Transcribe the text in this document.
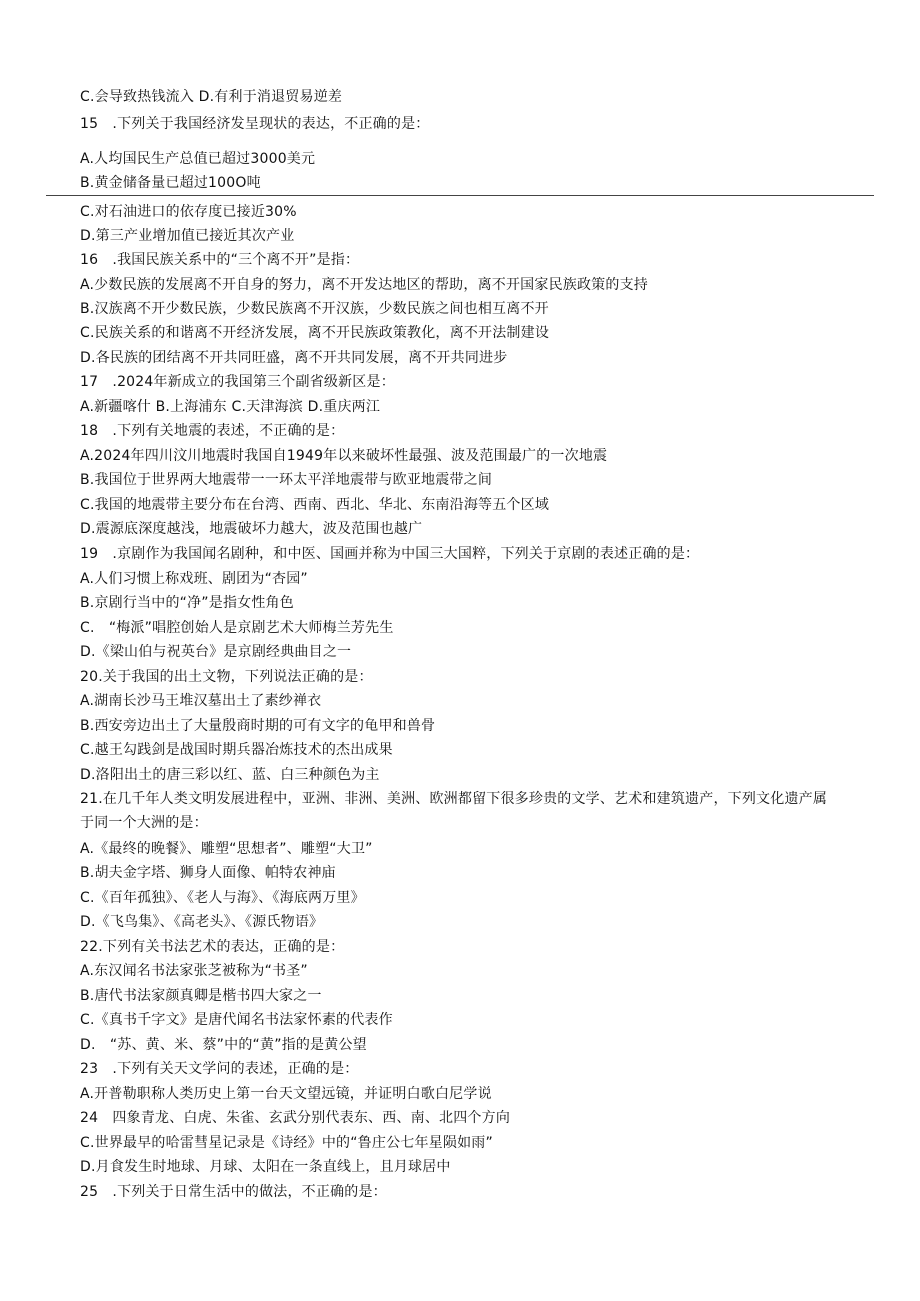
C.会导致热钱流入 D.有利于消退贸易逆差
15　.下列关于我国经济发呈现状的表达，不正确的是：
A.人均国民生产总值已超过3000美元
B.黄金储备量已超过100O吨
C.对石油进口的依存度已接近30%
D.第三产业增加值已接近其次产业
16　.我国民族关系中的“三个离不开”是指：
A.少数民族的发展离不开自身的努力，离不开发达地区的帮助，离不开国家民族政策的支持
B.汉族离不开少数民族，少数民族离不开汉族，少数民族之间也相互离不开
C.民族关系的和谐离不开经济发展，离不开民族政策教化，离不开法制建设
D.各民族的团结离不开共同旺盛，离不开共同发展，离不开共同进步
17　.2024年新成立的我国第三个副省级新区是：
A.新疆喀什 B.上海浦东 C.天津海滨 D.重庆两江
18　.下列有关地震的表述，不正确的是：
A.2024年四川汶川地震时我国自1949年以来破坏性最强、波及范围最广的一次地震
B.我国位于世界两大地震带一一环太平洋地震带与欧亚地震带之间
C.我国的地震带主要分布在台湾、西南、西北、华北、东南沿海等五个区域
D.震源底深度越浅，地震破坏力越大，波及范围也越广
19　.京剧作为我国闻名剧种，和中医、国画并称为中国三大国粹，下列关于京剧的表述正确的是：
A.人们习惯上称戏班、剧团为“杏园”
B.京剧行当中的“净”是指女性角色
C.　“梅派”唱腔创始人是京剧艺术大师梅兰芳先生
D.《梁山伯与祝英台》是京剧经典曲目之一
20.关于我国的出土文物，下列说法正确的是：
A.湖南长沙马王堆汉墓出土了素纱禅衣
B.西安旁边出土了大量殷商时期的可有文字的龟甲和兽骨
C.越王勾践剑是战国时期兵器冶炼技术的杰出成果
D.洛阳出土的唐三彩以红、蓝、白三种颜色为主
21.在几千年人类文明发展进程中，亚洲、非洲、美洲、欧洲都留下很多珍贵的文学、艺术和建筑遗产，下列文化遗产属于同一个大洲的是：
A.《最终的晚餐》、雕塑“思想者”、雕塑“大卫”
B.胡夫金字塔、狮身人面像、帕特农神庙
C.《百年孤独》、《老人与海》、《海底两万里》
D.《飞鸟集》、《高老头》、《源氏物语》
22.下列有关书法艺术的表达，正确的是：
A.东汉闻名书法家张芝被称为“书圣”
B.唐代书法家颜真卿是楷书四大家之一
C.《真书千字文》是唐代闻名书法家怀素的代表作
D.　“苏、黄、米、蔡”中的“黄”指的是黄公望
23　.下列有关天文学问的表述，正确的是：
A.开普勒职称人类历史上第一台天文望远镜，并证明白歌白尼学说
24　四象青龙、白虎、朱雀、玄武分别代表东、西、南、北四个方向
C.世界最早的哈雷彗星记录是《诗经》中的“鲁庄公七年星陨如雨”
D.月食发生时地球、月球、太阳在一条直线上，且月球居中
25　.下列关于日常生活中的做法，不正确的是：
